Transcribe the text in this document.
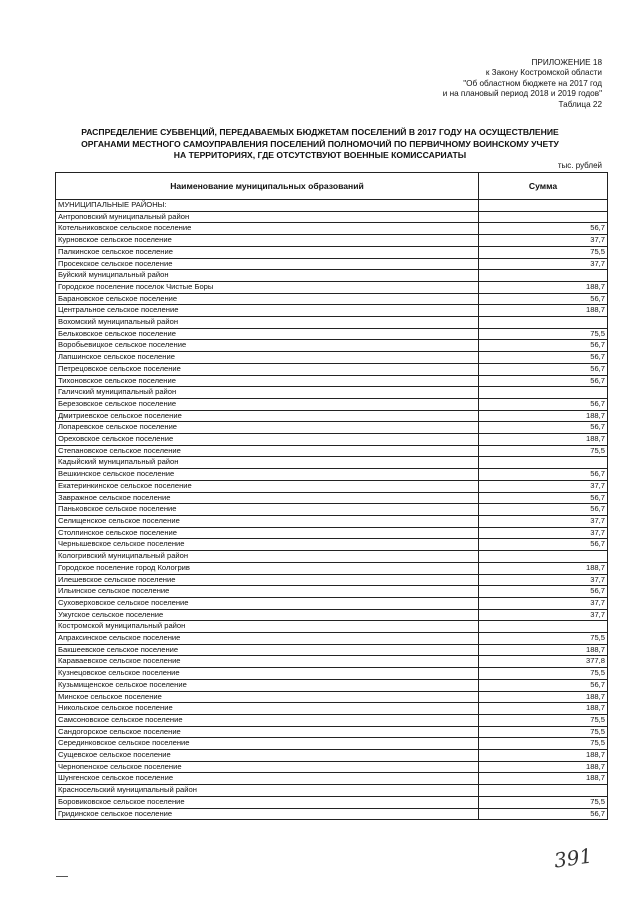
ПРИЛОЖЕНИЕ 18
к Закону Костромской области
"Об областном бюджете на 2017 год
и на плановый период 2018 и 2019 годов"
Таблица 22
РАСПРЕДЕЛЕНИЕ СУБВЕНЦИЙ, ПЕРЕДАВАЕМЫХ БЮДЖЕТАМ ПОСЕЛЕНИЙ В 2017 ГОДУ НА ОСУЩЕСТВЛЕНИЕ
ОРГАНАМИ МЕСТНОГО САМОУПРАВЛЕНИЯ ПОСЕЛЕНИЙ ПОЛНОМОЧИЙ ПО ПЕРВИЧНОМУ ВОИНСКОМУ УЧЕТУ
НА ТЕРРИТОРИЯХ, ГДЕ ОТСУТСТВУЮТ ВОЕННЫЕ КОМИССАРИАТЫ
тыс. рублей
Наименование муниципальных образований	Сумма
МУНИЦИПАЛЬНЫЕ РАЙОНЫ:	
Антроповский муниципальный район	
Котельниковское сельское поселение	56,7
Курновское сельское поселение	37,7
Палкинское сельское поселение	75,5
Просекское сельское поселение	37,7
Буйский муниципальный район	
Городское поселение поселок Чистые Боры	188,7
Барановское сельское поселение	56,7
Центральное сельское поселение	188,7
Вохомский муниципальный район	
Бельковское сельское поселение	75,5
Воробьевицкое сельское поселение	56,7
Лапшинское сельское поселение	56,7
Петрецовское сельское поселение	56,7
Тихоновское сельское поселение	56,7
Галичский муниципальный район	
Березовское сельское поселение	56,7
Дмитриевское сельское поселение	188,7
Лопаревское сельское поселение	56,7
Ореховское сельское поселение	188,7
Степановское сельское поселение	75,5
Кадыйский муниципальный район	
Вешкинское сельское поселение	56,7
Екатеринкинское сельское поселение	37,7
Завражное сельское поселение	56,7
Паньковское сельское поселение	56,7
Селищенское сельское поселение	37,7
Столпинское сельское поселение	37,7
Чернышевское сельское поселение	56,7
Кологривский муниципальный район	
Городское поселение город Кологрив	188,7
Илешевское сельское поселение	37,7
Ильинское сельское поселение	56,7
Суховерховское сельское поселение	37,7
Ужугское сельское поселение	37,7
Костромской муниципальный район	
Апраксинское сельское поселение	75,5
Бакшеевское сельское поселение	188,7
Караваевское сельское поселение	377,8
Кузнецовское сельское поселение	75,5
Кузьмищенское сельское поселение	56,7
Минское сельское поселение	188,7
Никольское сельское поселение	188,7
Самсоновское сельское поселение	75,5
Сандогорское сельское поселение	75,5
Серединковское сельское поселение	75,5
Сущевское сельское поселение	188,7
Чернопенское сельское поселение	188,7
Шунгенское сельское поселение	188,7
Красносельский муниципальный район	
Боровиковское сельское поселение	75,5
Гридинское сельское поселение	56,7
391
